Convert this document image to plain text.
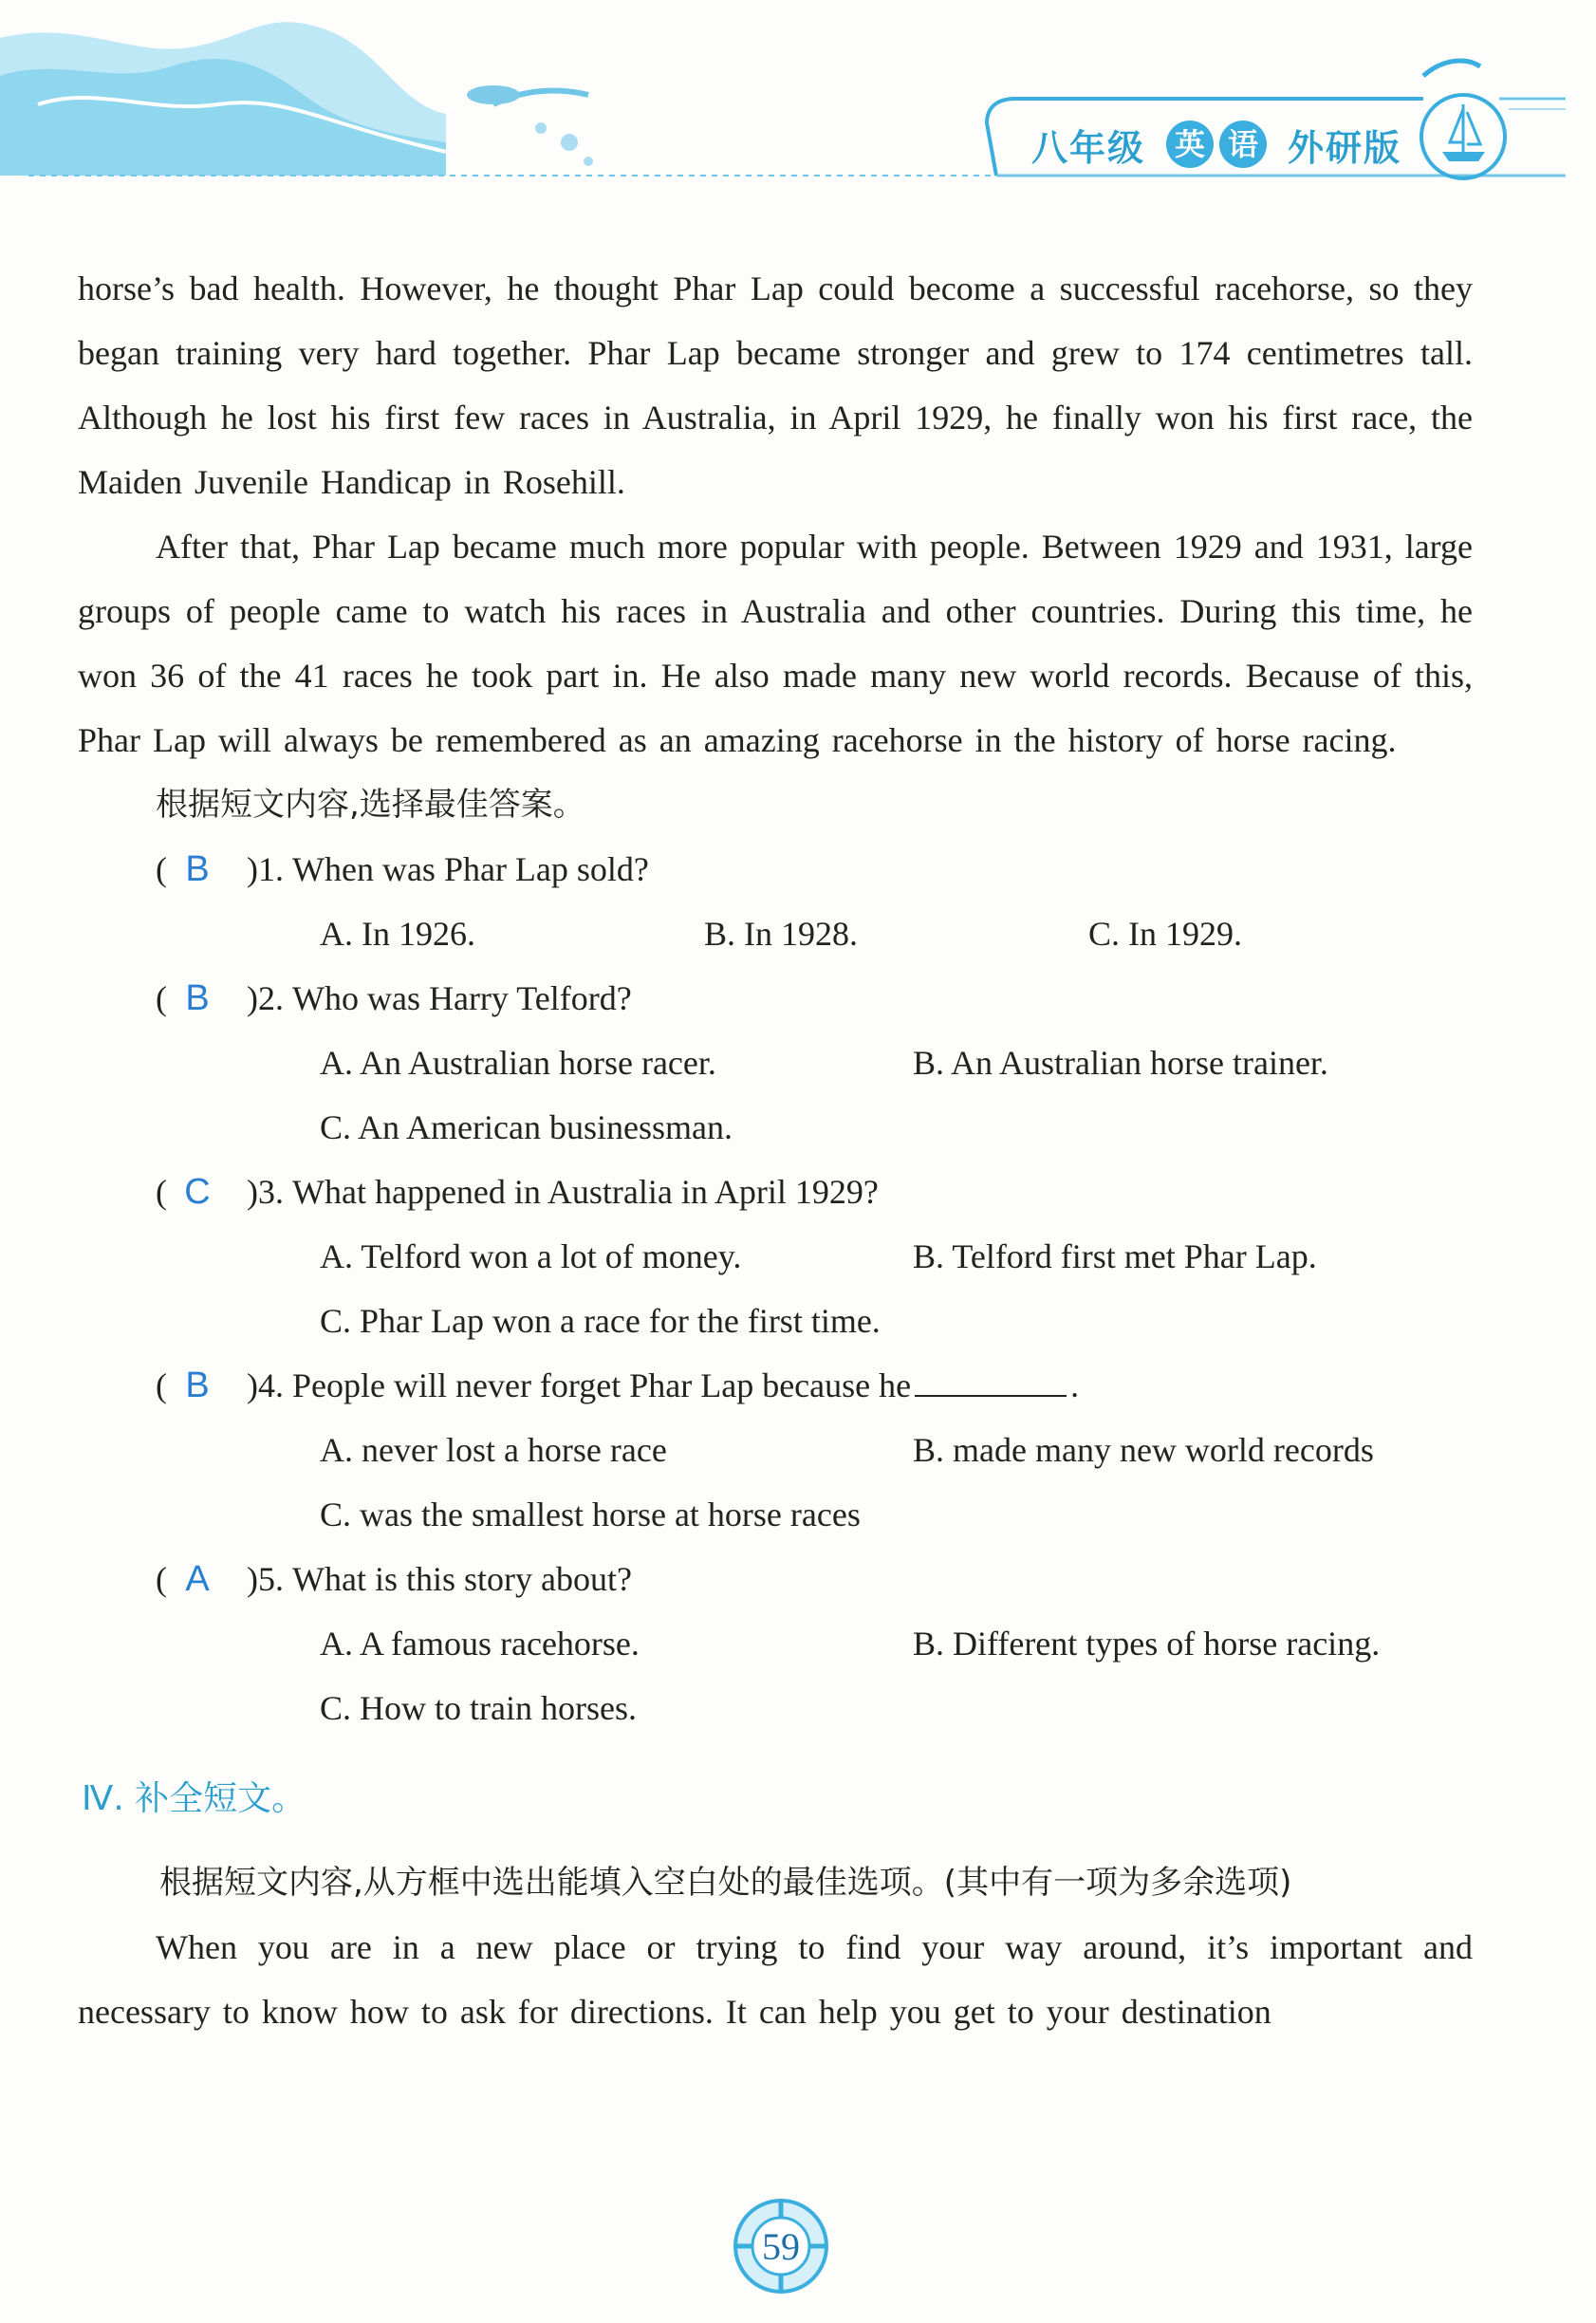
八年级 英 语 外研版

horse’s bad health. However, he thought Phar Lap could become a successful racehorse, so they began training very hard together. Phar Lap became stronger and grew to 174 centimetres tall. Although he lost his first few races in Australia, in April 1929, he finally won his first race, the Maiden Juvenile Handicap in Rosehill.

After that, Phar Lap became much more popular with people. Between 1929 and 1931, large groups of people came to watch his races in Australia and other countries. During this time, he won 36 of the 41 races he took part in. He also made many new world records. Because of this, Phar Lap will always be remembered as an amazing racehorse in the history of horse racing.

根据短文内容,选择最佳答案。

( B	)1.
When was Phar Lap sold?
A. In 1926.	B. In 1928.	C. In 1929.
( B	)2.
Who was Harry Telford?
A. An Australian horse racer.	B. An Australian horse trainer.
C. An American businessman.
( C	)3.
What happened in Australia in April 1929?
A. Telford won a lot of money.	B. Telford first met Phar Lap.
C. Phar Lap won a race for the first time.
( B	)4.
People will never forget Phar Lap because he	.
A. never lost a horse race	B. made many new world records
C. was the smallest horse at horse races
( A	)5.
What is this story about?
A. A famous racehorse.	B. Different types of horse racing.
C. How to train horses.
Ⅳ. 补全短文。

根据短文内容,从方框中选出能填入空白处的最佳选项。(其中有一项为多余选项)

When you are in a new place or trying to find your way around, it’s important and necessary to know how to ask for directions. It can help you get to your destination

59
